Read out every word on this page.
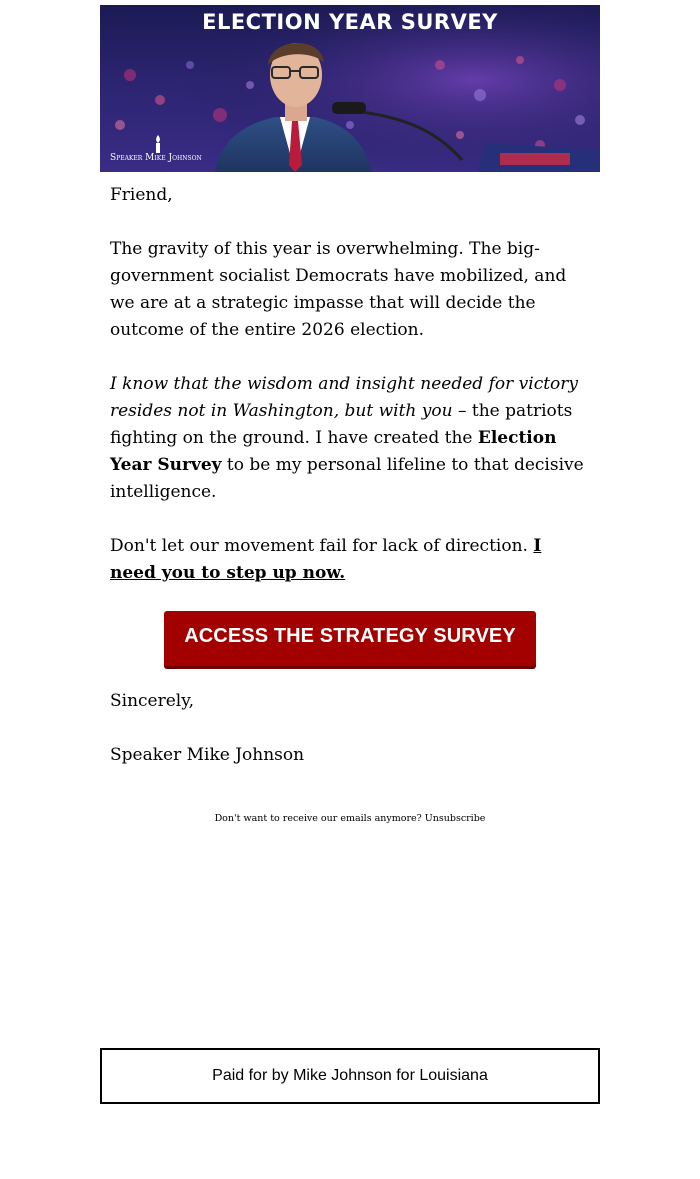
ELECTION YEAR SURVEY
Speaker Mike Johnson

Friend,

The gravity of this year is overwhelming. The big-government socialist Democrats have mobilized, and we are at a strategic impasse that will decide the outcome of the entire 2026 election.

I know that the wisdom and insight needed for victory resides not in Washington, but with you – the patriots fighting on the ground. I have created the Election Year Survey to be my personal lifeline to that decisive intelligence.

Don't let our movement fail for lack of direction. I need you to step up now.

ACCESS THE STRATEGY SURVEY

Sincerely,

Speaker Mike Johnson

Don't want to receive our emails anymore? Unsubscribe
Paid for by Mike Johnson for Louisiana
